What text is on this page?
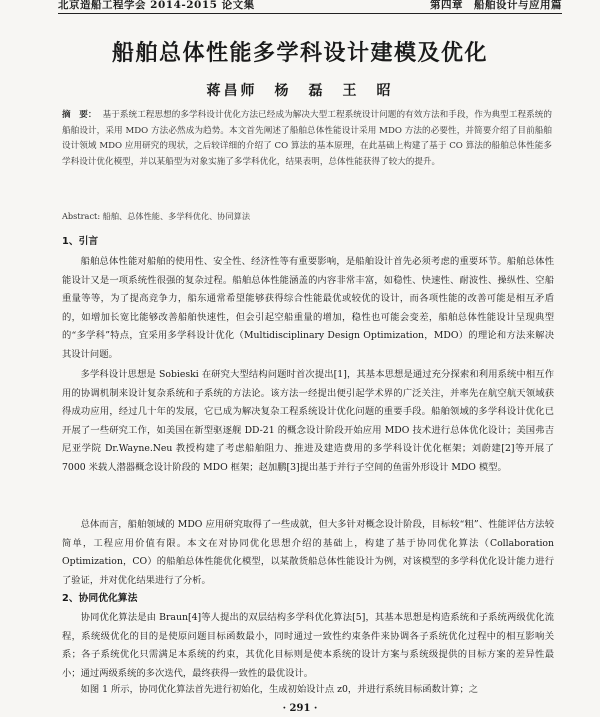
北京造船工程学会 2014-2015 论文集	第四章　船舶设计与应用篇
船舶总体性能多学科设计建模及优化
蒋昌师　杨　磊　王　昭
摘　要： 基于系统工程思想的多学科设计优化方法已经成为解决大型工程系统设计问题的有效方法和手段，作为典型工程系统的船舶设计，采用 MDO 方法必然成为趋势。本文首先阐述了船舶总体性能设计采用 MDO 方法的必要性，并简要介绍了目前船舶设计领域 MDO 应用研究的现状，之后较详细的介绍了 CO 算法的基本原理，在此基础上构建了基于 CO 算法的船舶总体性能多学科设计优化模型，并以某船型为对象实施了多学科优化，结果表明，总体性能获得了较大的提升。
Abstract: 船舶、总体性能、多学科优化、协同算法
1、引言
船舶总体性能对船舶的使用性、安全性、经济性等有重要影响，是船舶设计首先必须考虑的重要环节。船舶总体性能设计又是一项系统性很强的复杂过程。船舶总体性能涵盖的内容非常丰富，如稳性、快速性、耐波性、操纵性、空船重量等等，为了提高竞争力，船东通常希望能够获得综合性能最优或较优的设计，而各项性能的改善可能是相互矛盾的，如增加长宽比能够改善船舶快速性，但会引起空船重量的增加，稳性也可能会变差，船舶总体性能设计呈现典型的“多学科”特点，宜采用多学科设计优化（Multidisciplinary Design Optimization，MDO）的理论和方法来解决其设计问题。
多学科设计思想是 Sobieski 在研究大型结构问题时首次提出[1]，其基本思想是通过充分探索和利用系统中相互作用的协调机制来设计复杂系统和子系统的方法论。该方法一经提出便引起学术界的广泛关注，并率先在航空航天领域获得成功应用，经过几十年的发展，它已成为解决复杂工程系统设计优化问题的重要手段。船舶领域的多学科设计优化已开展了一些研究工作，如美国在新型驱逐舰 DD-21 的概念设计阶段开始应用 MDO 技术进行总体优化设计；美国弗吉尼亚学院 Dr.Wayne.Neu 教授构建了考虑船舶阻力、推进及建造费用的多学科设计优化框架；刘蔚建[2]等开展了 7000 米载人潜器概念设计阶段的 MDO 框架；赵加鹏[3]提出基于并行子空间的鱼雷外形设计 MDO 模型。
总体而言，船舶领域的 MDO 应用研究取得了一些成就，但大多针对概念设计阶段，目标较“粗”、性能评估方法较简单，工程应用价值有限。本文在对协同优化思想介绍的基础上，构建了基于协同优化算法（Collaboration Optimization，CO）的船舶总体性能优化模型，以某散货船总体性能设计为例，对该模型的多学科优化设计能力进行了验证，并对优化结果进行了分析。
2、协同优化算法
协同优化算法是由 Braun[4]等人提出的双层结构多学科优化算法[5]，其基本思想是构造系统和子系统两级优化流程，系统级优化的目的是使原问题目标函数最小，同时通过一致性约束条件来协调各子系统优化过程中的相互影响关系；各子系统优化只需满足本系统的约束，其优化目标则是使本系统的设计方案与系统级提供的目标方案的差异性最小；通过两级系统的多次迭代，最终获得一致性的最优设计。
如图 1 所示，协同优化算法首先进行初始化，生成初始设计点 z0，并进行系统目标函数计算；之
· 291 ·
